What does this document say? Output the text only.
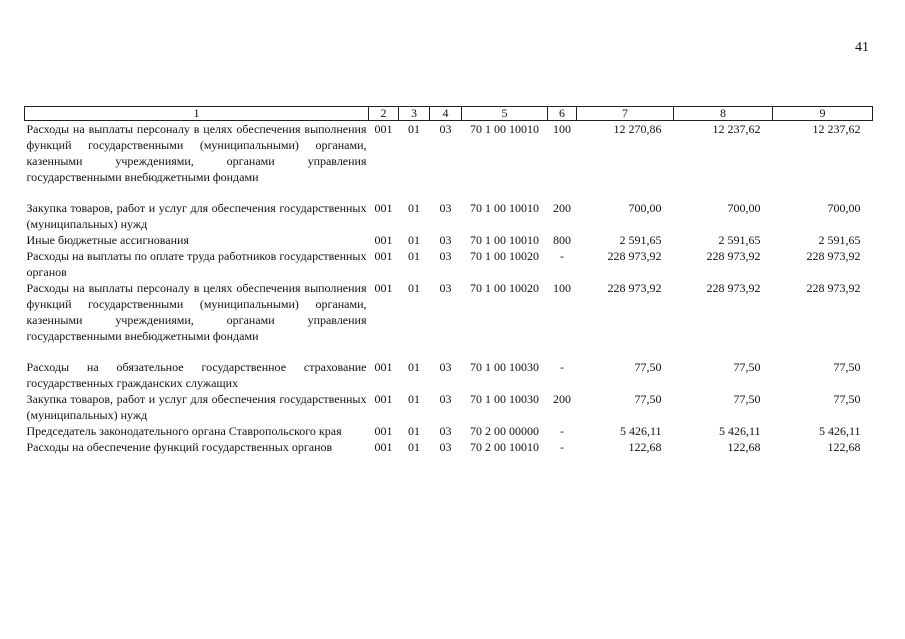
41
1	2	3	4	5	6	7	8	9
Расходы на выплаты персоналу в целях обеспечения выполнения функций государственными (муниципальными) органами, казенными учреждениями, органами управления государственными внебюджетными фондами	001	01	03	70 1 00 10010	100	12 270,86	12 237,62	12 237,62

Закупка товаров, работ и услуг для обеспечения государственных (муниципальных) нужд	001	01	03	70 1 00 10010	200	700,00	700,00	700,00
Иные бюджетные ассигнования	001	01	03	70 1 00 10010	800	2 591,65	2 591,65	2 591,65
Расходы на выплаты по оплате труда работников государственных органов	001	01	03	70 1 00 10020	-	228 973,92	228 973,92	228 973,92
Расходы на выплаты персоналу в целях обеспечения выполнения функций государственными (муниципальными) органами, казенными учреждениями, органами управления государственными внебюджетными фондами	001	01	03	70 1 00 10020	100	228 973,92	228 973,92	228 973,92

Расходы на обязательное государственное страхование государственных гражданских служащих	001	01	03	70 1 00 10030	-	77,50	77,50	77,50
Закупка товаров, работ и услуг для обеспечения государственных (муниципальных) нужд	001	01	03	70 1 00 10030	200	77,50	77,50	77,50
Председатель законодательного органа Ставропольского края	001	01	03	70 2 00 00000	-	5 426,11	5 426,11	5 426,11
Расходы на обеспечение функций государственных органов	001	01	03	70 2 00 10010	-	122,68	122,68	122,68
